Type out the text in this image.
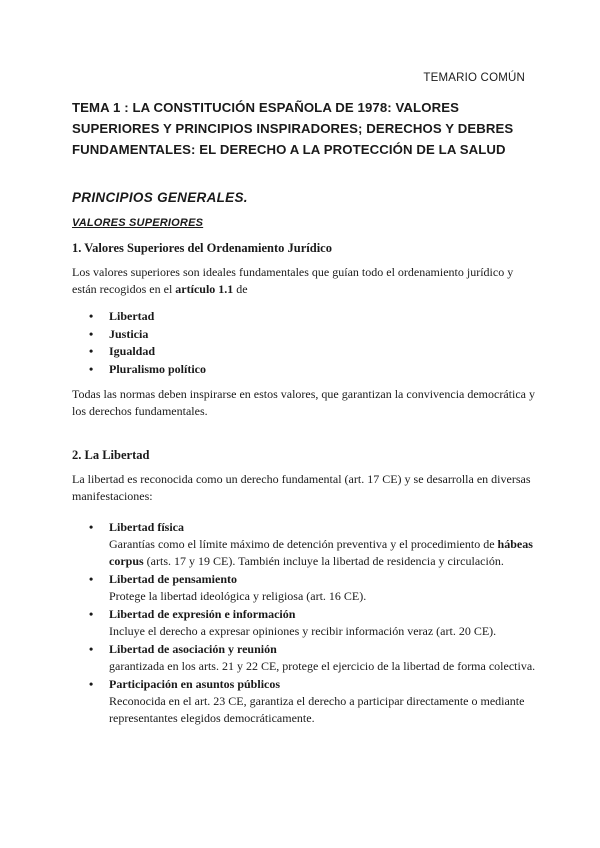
TEMARIO COMÚN
TEMA 1 : LA CONSTITUCIÓN ESPAÑOLA DE 1978: VALORES SUPERIORES Y PRINCIPIOS INSPIRADORES; DERECHOS Y DEBRES FUNDAMENTALES: EL DERECHO A LA PROTECCIÓN DE LA SALUD
PRINCIPIOS GENERALES.
VALORES SUPERIORES
1. Valores Superiores del Ordenamiento Jurídico

Los valores superiores son ideales fundamentales que guían todo el ordenamiento jurídico y están recogidos en el artículo 1.1 de

• Libertad
• Justicia
• Igualdad
• Pluralismo político

Todas las normas deben inspirarse en estos valores, que garantizan la convivencia democrática y los derechos fundamentales.

2. La Libertad

La libertad es reconocida como un derecho fundamental (art. 17 CE) y se desarrolla en diversas manifestaciones:

• Libertad física
Garantías como el límite máximo de detención preventiva y el procedimiento de hábeas corpus (arts. 17 y 19 CE). También incluye la libertad de residencia y circulación.
• Libertad de pensamiento
Protege la libertad ideológica y religiosa (art. 16 CE).
• Libertad de expresión e información
Incluye el derecho a expresar opiniones y recibir información veraz (art. 20 CE).
• Libertad de asociación y reunión
garantizada en los arts. 21 y 22 CE, protege el ejercicio de la libertad de forma colectiva.
• Participación en asuntos públicos
Reconocida en el art. 23 CE, garantiza el derecho a participar directamente o mediante representantes elegidos democráticamente.
